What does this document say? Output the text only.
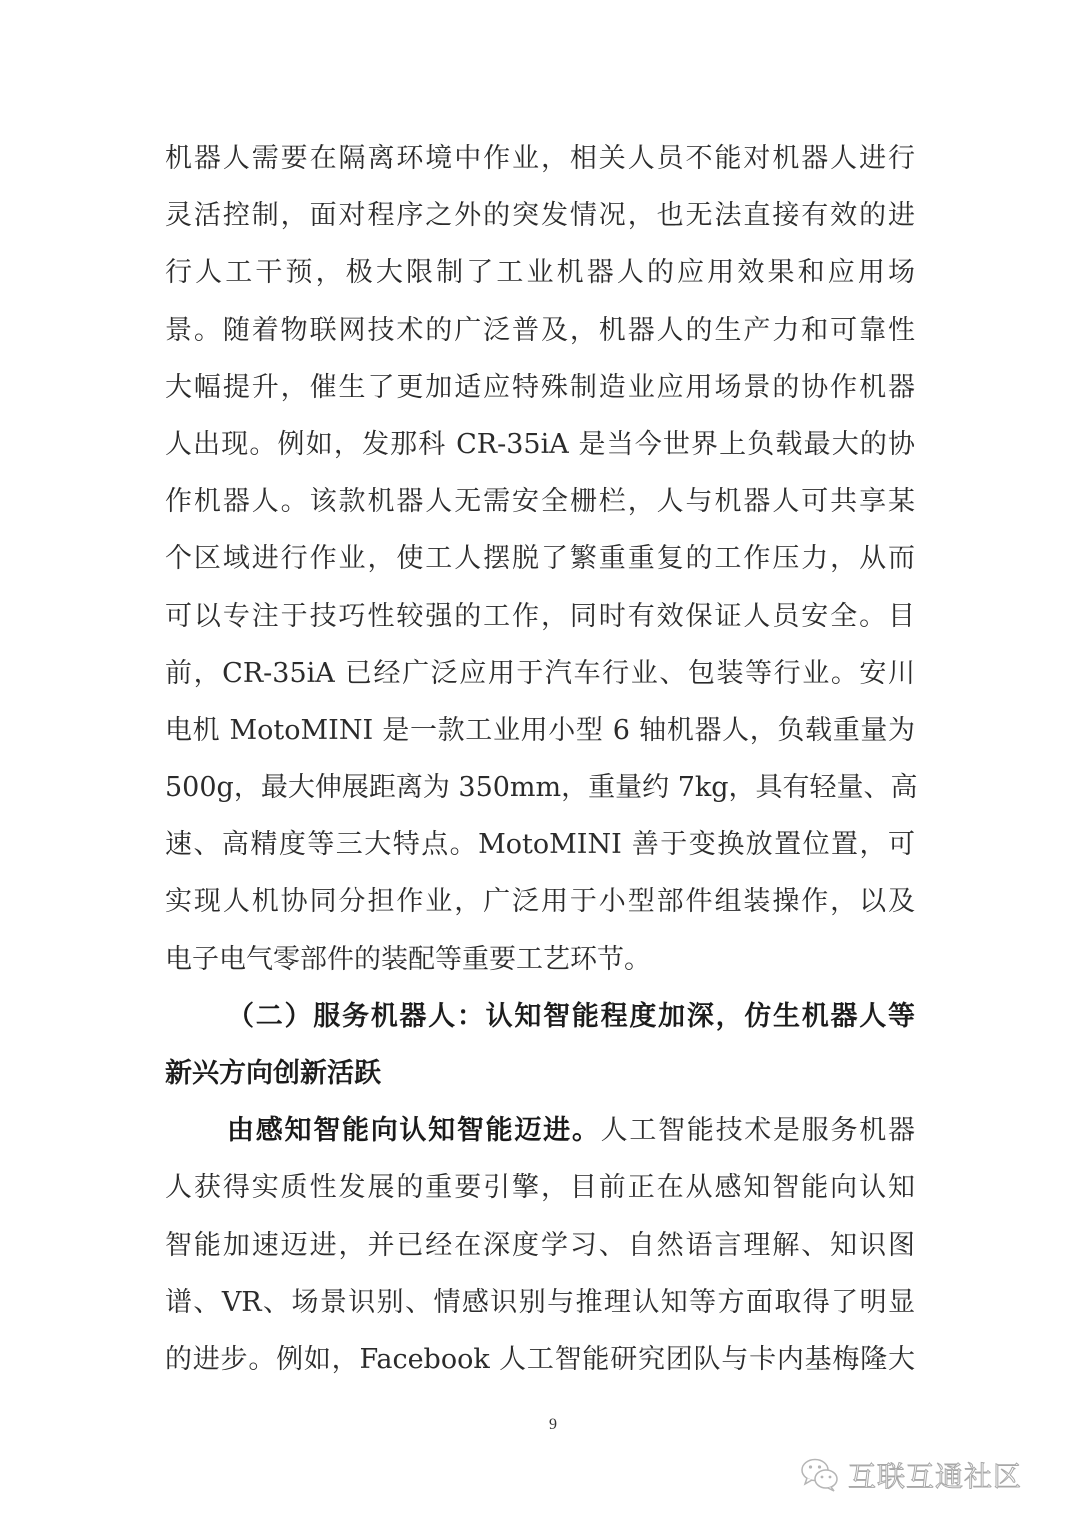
机器人需要在隔离环境中作业，相关人员不能对机器人进行
灵活控制，面对程序之外的突发情况，也无法直接有效的进
行人工干预，极大限制了工业机器人的应用效果和应用场
景。随着物联网技术的广泛普及，机器人的生产力和可靠性
大幅提升，催生了更加适应特殊制造业应用场景的协作机器
人出现。例如，发那科 CR-35iA 是当今世界上负载最大的协
作机器人。该款机器人无需安全栅栏，人与机器人可共享某
个区域进行作业，使工人摆脱了繁重重复的工作压力，从而
可以专注于技巧性较强的工作，同时有效保证人员安全。目
前，CR-35iA 已经广泛应用于汽车行业、包装等行业。安川
电机 MotoMINI 是一款工业用小型 6 轴机器人，负载重量为
500g，最大伸展距离为 350mm，重量约 7kg，具有轻量、高
速、高精度等三大特点。MotoMINI 善于变换放置位置，可
实现人机协同分担作业，广泛用于小型部件组装操作，以及
电子电气零部件的装配等重要工艺环节。
（二）服务机器人：认知智能程度加深，仿生机器人等
新兴方向创新活跃
由感知智能向认知智能迈进。人工智能技术是服务机器
人获得实质性发展的重要引擎，目前正在从感知智能向认知
智能加速迈进，并已经在深度学习、自然语言理解、知识图
谱、VR、场景识别、情感识别与推理认知等方面取得了明显
的进步。例如，Facebook 人工智能研究团队与卡内基梅隆大
9
互联互通社区
